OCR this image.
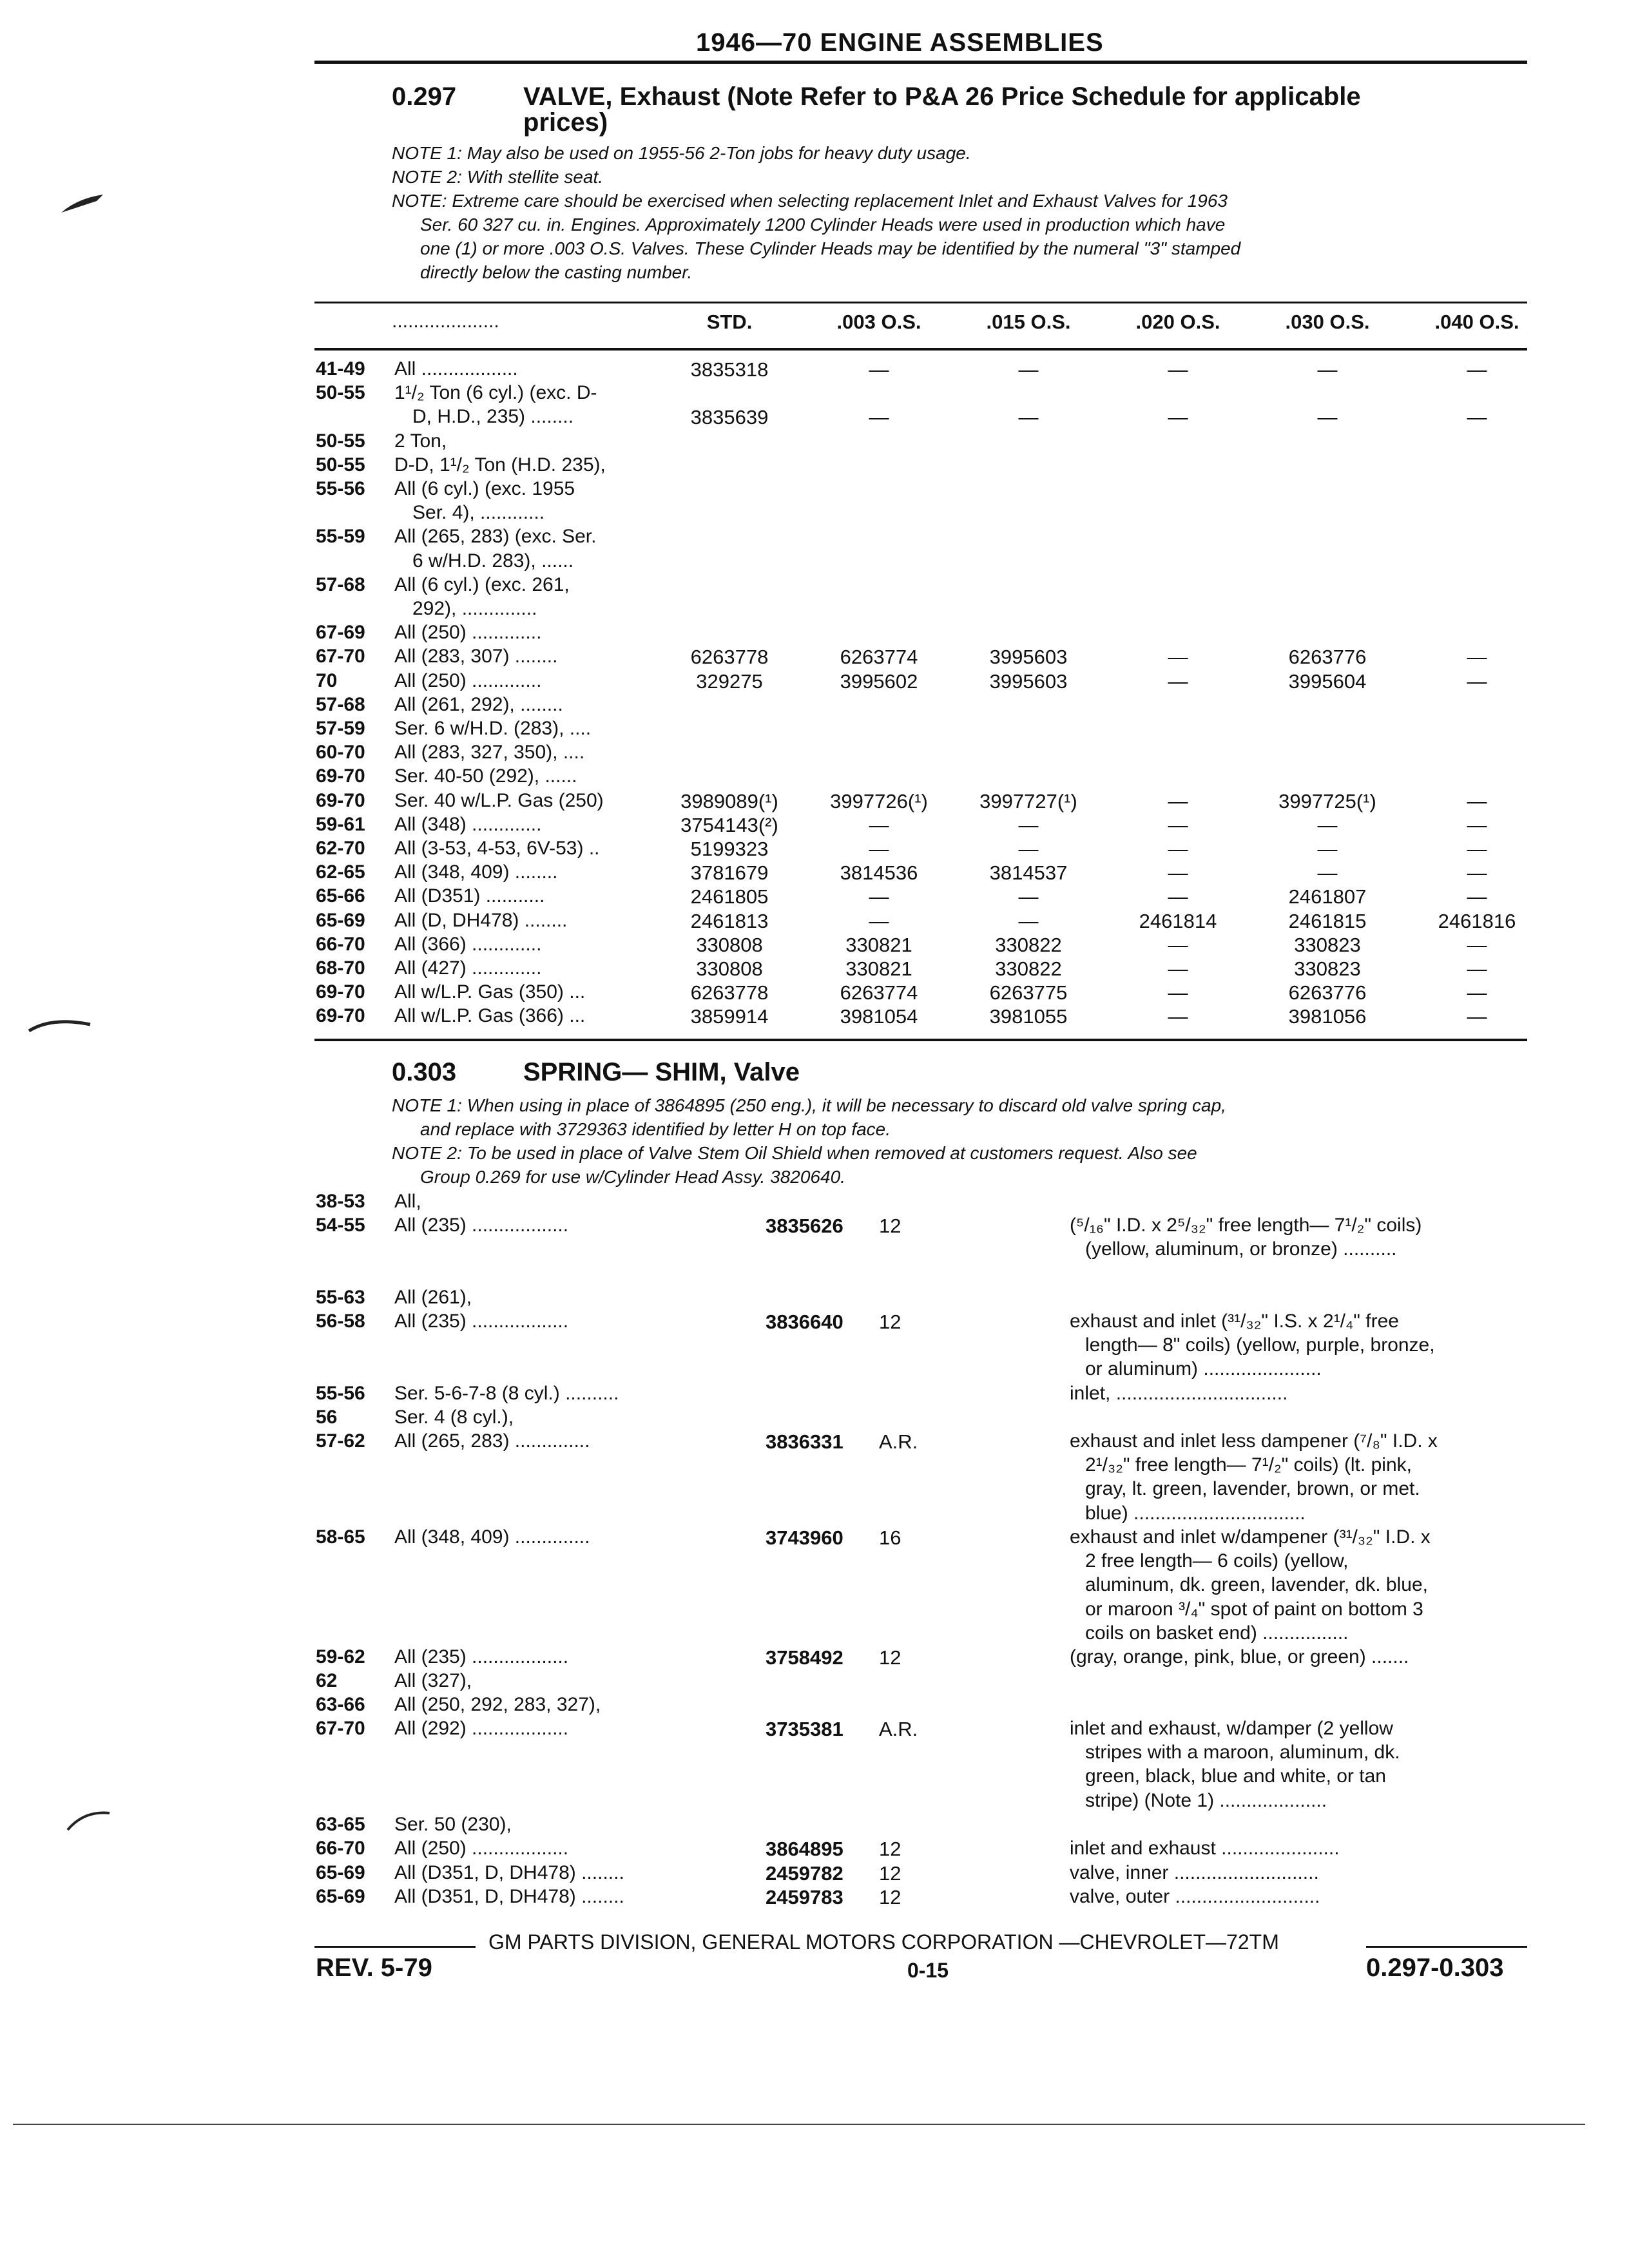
1946—70 ENGINE ASSEMBLIES
0.297	VALVE, Exhaust (Note Refer to P&A 26 Price Schedule for applicable
prices)
NOTE 1: May also be used on 1955-56 2-Ton jobs for heavy duty usage.
NOTE 2: With stellite seat.
NOTE: Extreme care should be exercised when selecting replacement Inlet and Exhaust Valves for 1963
Ser. 60 327 cu. in. Engines. Approximately 1200 Cylinder Heads were used in production which have
one (1) or more .003 O.S. Valves. These Cylinder Heads may be identified by the numeral "3" stamped
directly below the casting number.
....................	STD.	.003 O.S.	.015 O.S.	.020 O.S.	.030 O.S.	.040 O.S.
41-49 All ..................	3835318	—	—	—	—	—
50-55 1¹/₂ Ton (6 cyl.) (exc. D-
D, H.D., 235) ........	3835639	—	—	—	—	—
50-55 2 Ton,
50-55 D-D, 1¹/₂ Ton (H.D. 235),
55-56 All (6 cyl.) (exc. 1955
Ser. 4), ............
55-59 All (265, 283) (exc. Ser.
6 w/H.D. 283), ......
57-68 All (6 cyl.) (exc. 261,
292), ..............
67-69 All (250) .............
67-70 All (283, 307) ........	6263778	6263774	3995603	—	6263776	—
70	All (250) .............	329275	3995602	3995603	—	3995604	—
57-68 All (261, 292), ........
57-59 Ser. 6 w/H.D. (283), ....
60-70 All (283, 327, 350), ....
69-70 Ser. 40-50 (292), ......
69-70 Ser. 40 w/L.P. Gas (250)	3989089(¹)	3997726(¹)	3997727(¹)	—	3997725(¹)	—
59-61 All (348) .............	3754143(²)	—	—	—	—	—
62-70 All (3-53, 4-53, 6V-53) ..	5199323	—	—	—	—	—
62-65 All (348, 409) ........	3781679	3814536	3814537	—	—	—
65-66 All (D351) ...........	2461805	—	—	—	2461807	—
65-69 All (D, DH478) ........	2461813	—	—	2461814	2461815	2461816
66-70 All (366) .............	330808	330821	330822	—	330823	—
68-70 All (427) .............	330808	330821	330822	—	330823	—
69-70 All w/L.P. Gas (350) ...	6263778	6263774	6263775	—	6263776	—
69-70 All w/L.P. Gas (366) ...	3859914	3981054	3981055	—	3981056	—
0.303	SPRING— SHIM, Valve
NOTE 1: When using in place of 3864895 (250 eng.), it will be necessary to discard old valve spring cap,
and replace with 3729363 identified by letter H on top face.
NOTE 2: To be used in place of Valve Stem Oil Shield when removed at customers request. Also see
Group 0.269 for use w/Cylinder Head Assy. 3820640.
38-53 All,
54-55 All (235) ..................	3835626 12	(⁵/₁₆" I.D. x 2⁵/₃₂" free length— 7¹/₂" coils)
(yellow, aluminum, or bronze) ..........
55-63 All (261),
56-58 All (235) ..................	3836640 12	exhaust and inlet (³¹/₃₂" I.S. x 2¹/₄" free
length— 8" coils) (yellow, purple, bronze,
or aluminum) ......................
55-56 Ser. 5-6-7-8 (8 cyl.) ..........	inlet, ................................
56	Ser. 4 (8 cyl.),
57-62 All (265, 283) ..............	3836331 A.R.	exhaust and inlet less dampener (⁷/₈" I.D. x
2¹/₃₂" free length— 7¹/₂" coils) (lt. pink,
gray, lt. green, lavender, brown, or met.
blue) ................................
58-65 All (348, 409) ..............	3743960 16	exhaust and inlet w/dampener (³¹/₃₂" I.D. x
2 free length— 6 coils) (yellow,
aluminum, dk. green, lavender, dk. blue,
or maroon ³/₄" spot of paint on bottom 3
coils on basket end) ................
59-62 All (235) ..................	3758492 12	(gray, orange, pink, blue, or green) .......
62	All (327),
63-66 All (250, 292, 283, 327),
67-70 All (292) ..................	3735381 A.R.	inlet and exhaust, w/damper (2 yellow
stripes with a maroon, aluminum, dk.
green, black, blue and white, or tan
stripe) (Note 1) ....................
63-65 Ser. 50 (230),
66-70 All (250) ..................	3864895 12	inlet and exhaust ......................
65-69 All (D351, D, DH478) ........	2459782 12	valve, inner ...........................
65-69 All (D351, D, DH478) ........	2459783 12	valve, outer ...........................
GM PARTS DIVISION, GENERAL MOTORS CORPORATION —CHEVROLET—72TM
REV. 5-79	0-15	0.297-0.303
